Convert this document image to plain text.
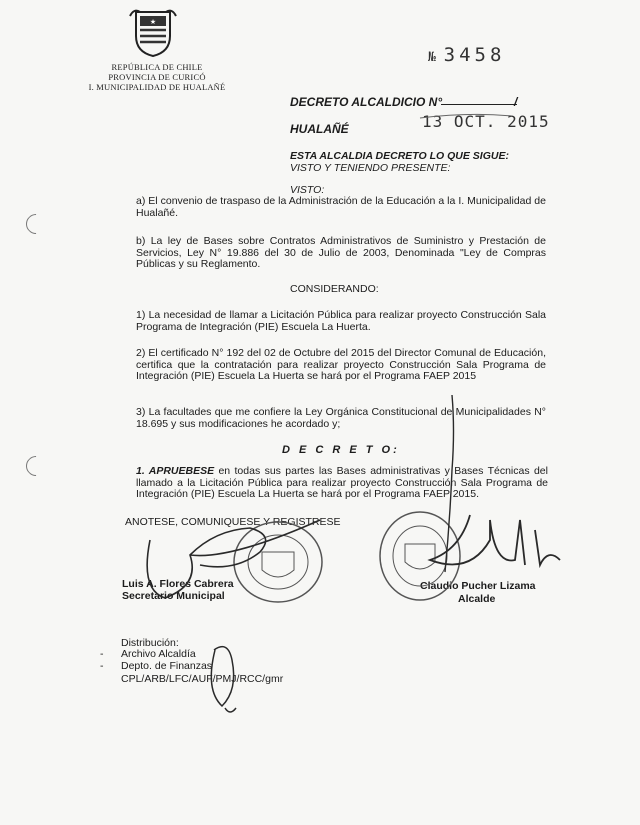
★
REPÚBLICA DE CHILE
PROVINCIA DE CURICÓ
I. MUNICIPALIDAD DE HUALAÑÉ
№ 3458
DECRETO ALCALDICIO N°	/
HUALAÑÉ	13 OCT. 2015
ESTA ALCALDIA DECRETO LO QUE SIGUE:
VISTO Y TENIENDO PRESENTE:
VISTO:
a) El convenio de traspaso de la Administración de la Educación a la I. Municipalidad de Hualañé.
b) La ley de Bases sobre Contratos Administrativos de Suministro y Prestación de Servicios, Ley N° 19.886 del 30 de Julio de 2003, Denominada "Ley de Compras Públicas y su Reglamento.
CONSIDERANDO:
1) La necesidad de llamar a Licitación Pública para realizar proyecto Construcción Sala Programa de Integración (PIE) Escuela La Huerta.
2) El certificado N° 192 del 02 de Octubre del 2015 del Director Comunal de Educación, certifica que la contratación para realizar proyecto Construcción Sala Programa de Integración (PIE) Escuela La Huerta se hará por el Programa FAEP 2015
3) La facultades que me confiere la Ley Orgánica Constitucional de Municipalidades N° 18.695 y sus modificaciones he acordado y;
D E C R E T O:
1. APRUEBESE en todas sus partes las Bases administrativas y Bases Técnicas del llamado a la Licitación Pública para realizar proyecto Construcción Sala Programa de Integración (PIE) Escuela La Huerta se hará por el Programa FAEP 2015.
ANOTESE, COMUNIQUESE Y REGISTRESE
Luis A. Flores Cabrera
Secretario Municipal
Claudio Pucher Lizama
Alcalde
Distribución:
- Archivo Alcaldía
- Depto. de Finanzas
CPL/ARB/LFC/AUF/PMJ/RCC/gmr
